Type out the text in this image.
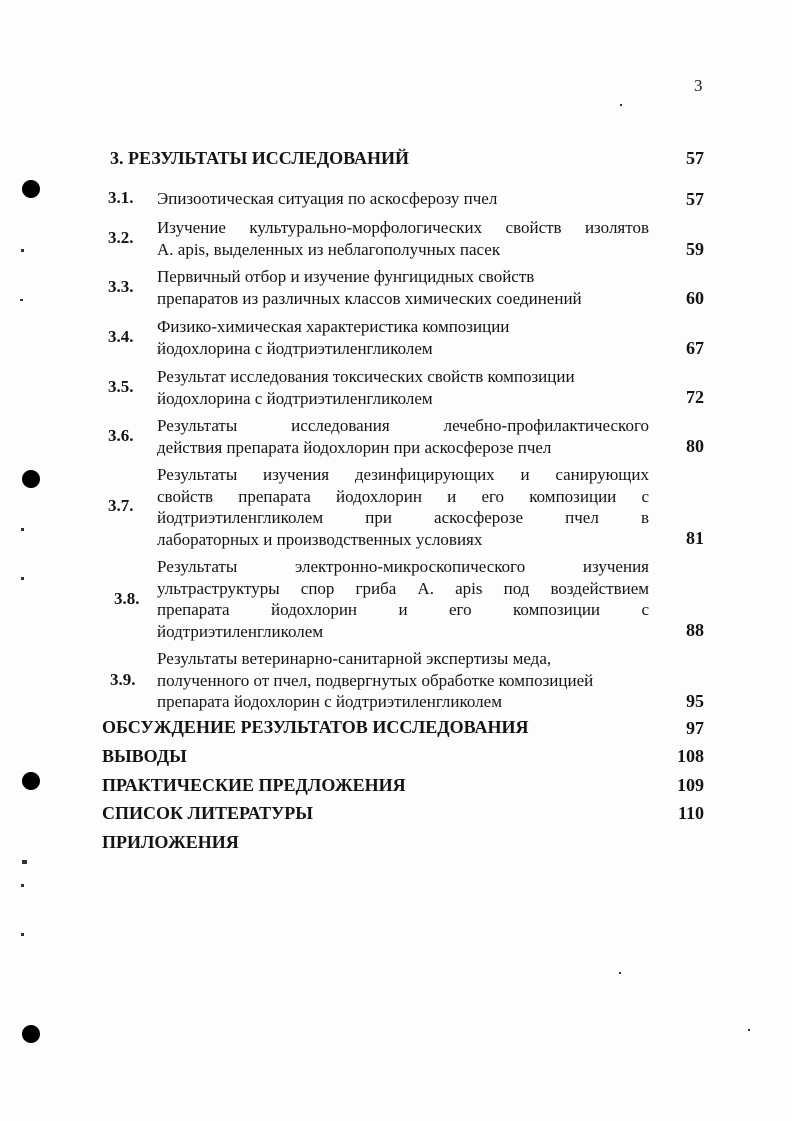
3
3. РЕЗУЛЬТАТЫ ИССЛЕДОВАНИЙ	57
3.1. Эпизоотическая ситуация по аскосферозу пчел	57
3.2.
Изучение культурально-морфологических свойств изолятов
A. apis, выделенных из неблагополучных пасек	59
3.3.
Первичный отбор и изучение фунгицидных свойств
препаратов из различных классов химических соединений	60
3.4.
Физико-химическая характеристика композиции
йодохлорина с йодтриэтиленгликолем	67
3.5.
Результат исследования токсических свойств композиции
йодохлорина с йодтриэтиленгликолем	72
3.6.
Результаты исследования лечебно-профилактического
действия препарата йодохлорин при аскосферозе пчел	80
3.7.
Результаты изучения дезинфицирующих и санирующих
свойств препарата йодохлорин и его композиции с
йодтриэтиленгликолем при аскосферозе пчел в
лабораторных и производственных условиях	81
3.8.
Результаты электронно-микроскопического изучения
ультраструктуры спор гриба A. apis под воздействием
препарата йодохлорин и его композиции с
йодтриэтиленгликолем	88
3.9.
Результаты ветеринарно-санитарной экспертизы меда,
полученного от пчел, подвергнутых обработке композицией
препарата йодохлорин с йодтриэтиленгликолем	95
ОБСУЖДЕНИЕ РЕЗУЛЬТАТОВ ИССЛЕДОВАНИЯ	97
ВЫВОДЫ	108
ПРАКТИЧЕСКИЕ ПРЕДЛОЖЕНИЯ	109
СПИСОК ЛИТЕРАТУРЫ	110
ПРИЛОЖЕНИЯ
